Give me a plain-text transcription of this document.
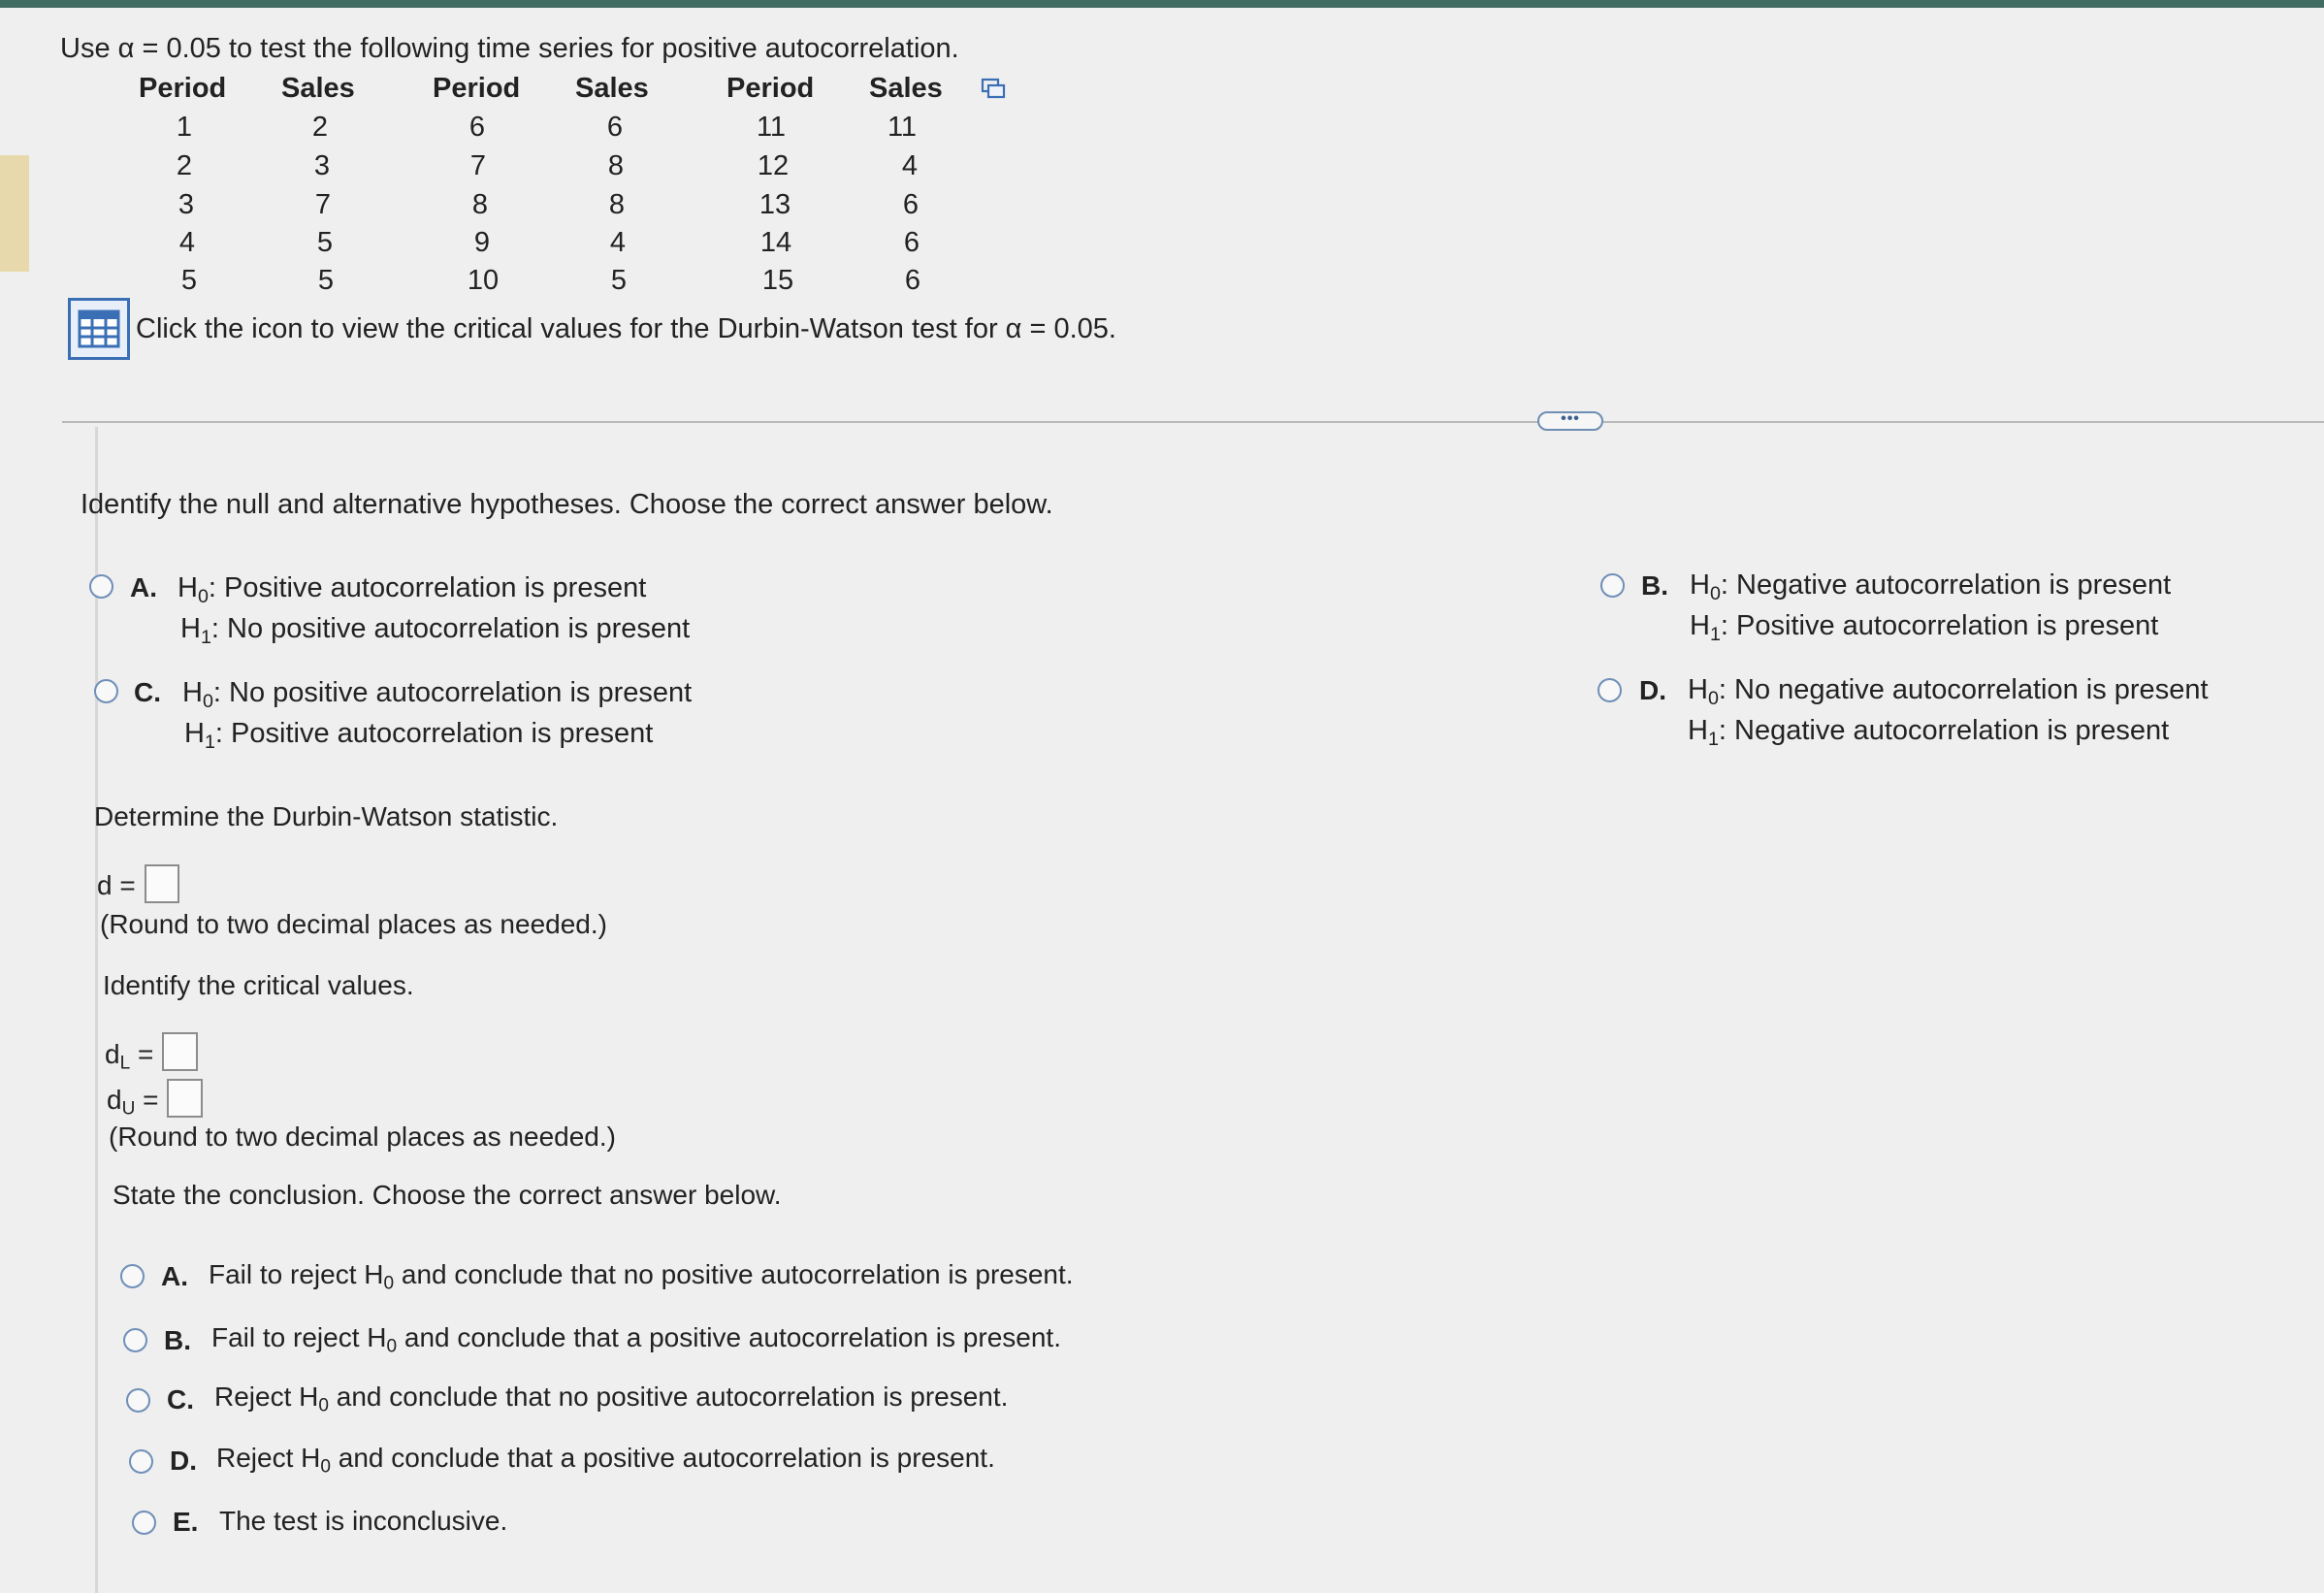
Use α = 0.05 to test the following time series for positive autocorrelation.
Period Sales	Period Sales	Period Sales
1	2	6	6	11	11
2	3	7	8	12	4
3	7	8	8	13	6
4	5	9	4	14	6
5	5	10	5	15	6
Click the icon to view the critical values for the Durbin-Watson test for α = 0.05.
•••
Identify the null and alternative hypotheses. Choose the correct answer below.
A. $H_0$: Positive autocorrelation is present
$H_1$: No positive autocorrelation is present
B. $H_0$: Negative autocorrelation is present
$H_1$: Positive autocorrelation is present
C. $H_0$: No positive autocorrelation is present
$H_1$: Positive autocorrelation is present
D. $H_0$: No negative autocorrelation is present
$H_1$: Negative autocorrelation is present
Determine the Durbin-Watson statistic.
d =
(Round to two decimal places as needed.)
Identify the critical values.
$d_L$ =
$d_U$ =
(Round to two decimal places as needed.)
State the conclusion. Choose the correct answer below.
A. Fail to reject $H_0$ and conclude that no positive autocorrelation is present.
B. Fail to reject $H_0$ and conclude that a positive autocorrelation is present.
C. Reject $H_0$ and conclude that no positive autocorrelation is present.
D. Reject $H_0$ and conclude that a positive autocorrelation is present.
E. The test is inconclusive.
